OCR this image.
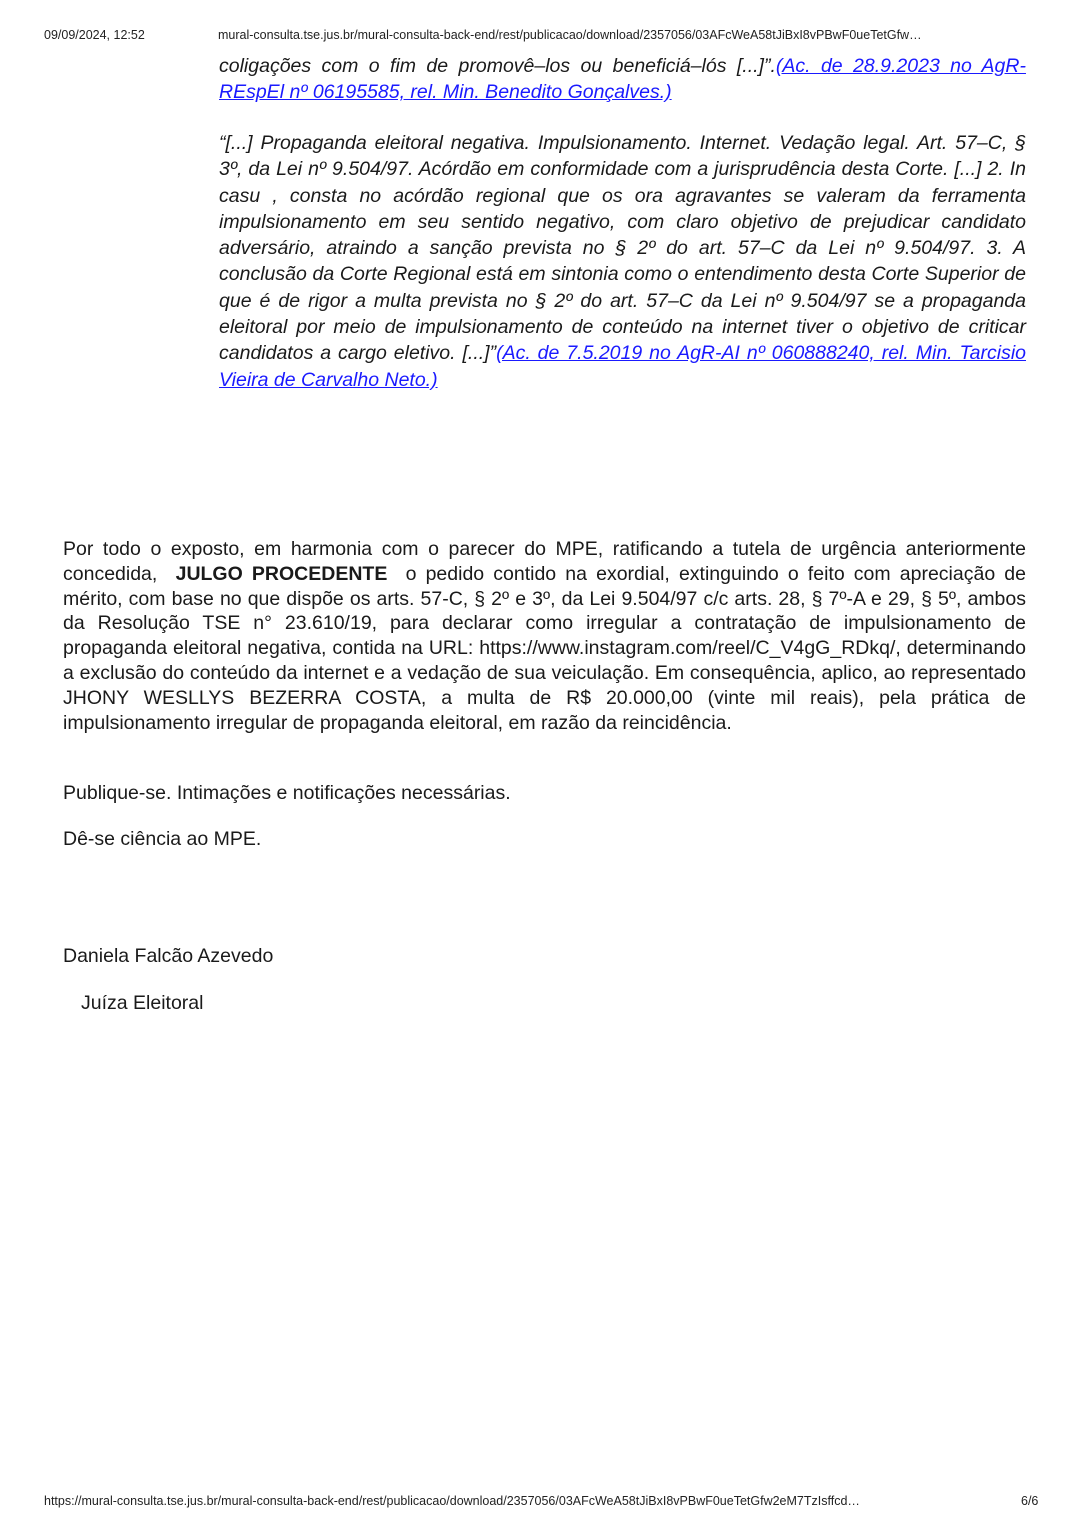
09/09/2024, 12:52	mural-consulta.tse.jus.br/mural-consulta-back-end/rest/publicacao/download/2357056/03AFcWeA58tJiBxI8vPBwF0ueTetGfw…

coligações com o fim de promovê–los ou beneficiá–lós [...]”.(Ac. de 28.9.2023 no AgR-REspEl nº 06195585, rel. Min. Benedito Gonçalves.)

“[...] Propaganda eleitoral negativa. Impulsionamento. Internet. Vedação legal. Art. 57–C, § 3º, da Lei nº 9.504/97. Acórdão em conformidade com a jurisprudência desta Corte. [...] 2. In casu , consta no acórdão regional que os ora agravantes se valeram da ferramenta impulsionamento em seu sentido negativo, com claro objetivo de prejudicar candidato adversário, atraindo a sanção prevista no § 2º do art. 57–C da Lei nº 9.504/97. 3. A conclusão da Corte Regional está em sintonia como o entendimento desta Corte Superior de que é de rigor a multa prevista no § 2º do art. 57–C da Lei nº 9.504/97 se a propaganda eleitoral por meio de impulsionamento de conteúdo na internet tiver o objetivo de criticar candidatos a cargo eletivo. [...]”(Ac. de 7.5.2019 no AgR-AI nº 060888240, rel. Min. Tarcisio Vieira de Carvalho Neto.)

Por todo o exposto, em harmonia com o parecer do MPE, ratificando a tutela de urgência anteriormente concedida, JULGO PROCEDENTE o pedido contido na exordial, extinguindo o feito com apreciação de mérito, com base no que dispõe os arts. 57-C, § 2º e 3º, da Lei 9.504/97 c/c arts. 28, § 7º-A e 29, § 5º, ambos da Resolução TSE n° 23.610/19, para declarar como irregular a contratação de impulsionamento de propaganda eleitoral negativa, contida na URL: https://www.instagram.com/reel/C_V4gG_RDkq/, determinando a exclusão do conteúdo da internet e a vedação de sua veiculação. Em consequência, aplico, ao representado JHONY WESLLYS BEZERRA COSTA, a multa de R$ 20.000,00 (vinte mil reais), pela prática de impulsionamento irregular de propaganda eleitoral, em razão da reincidência.

Publique-se. Intimações e notificações necessárias.

Dê-se ciência ao MPE.

Daniela Falcão Azevedo

Juíza Eleitoral

https://mural-consulta.tse.jus.br/mural-consulta-back-end/rest/publicacao/download/2357056/03AFcWeA58tJiBxI8vPBwF0ueTetGfw2eM7TzIsffcd…	6/6
